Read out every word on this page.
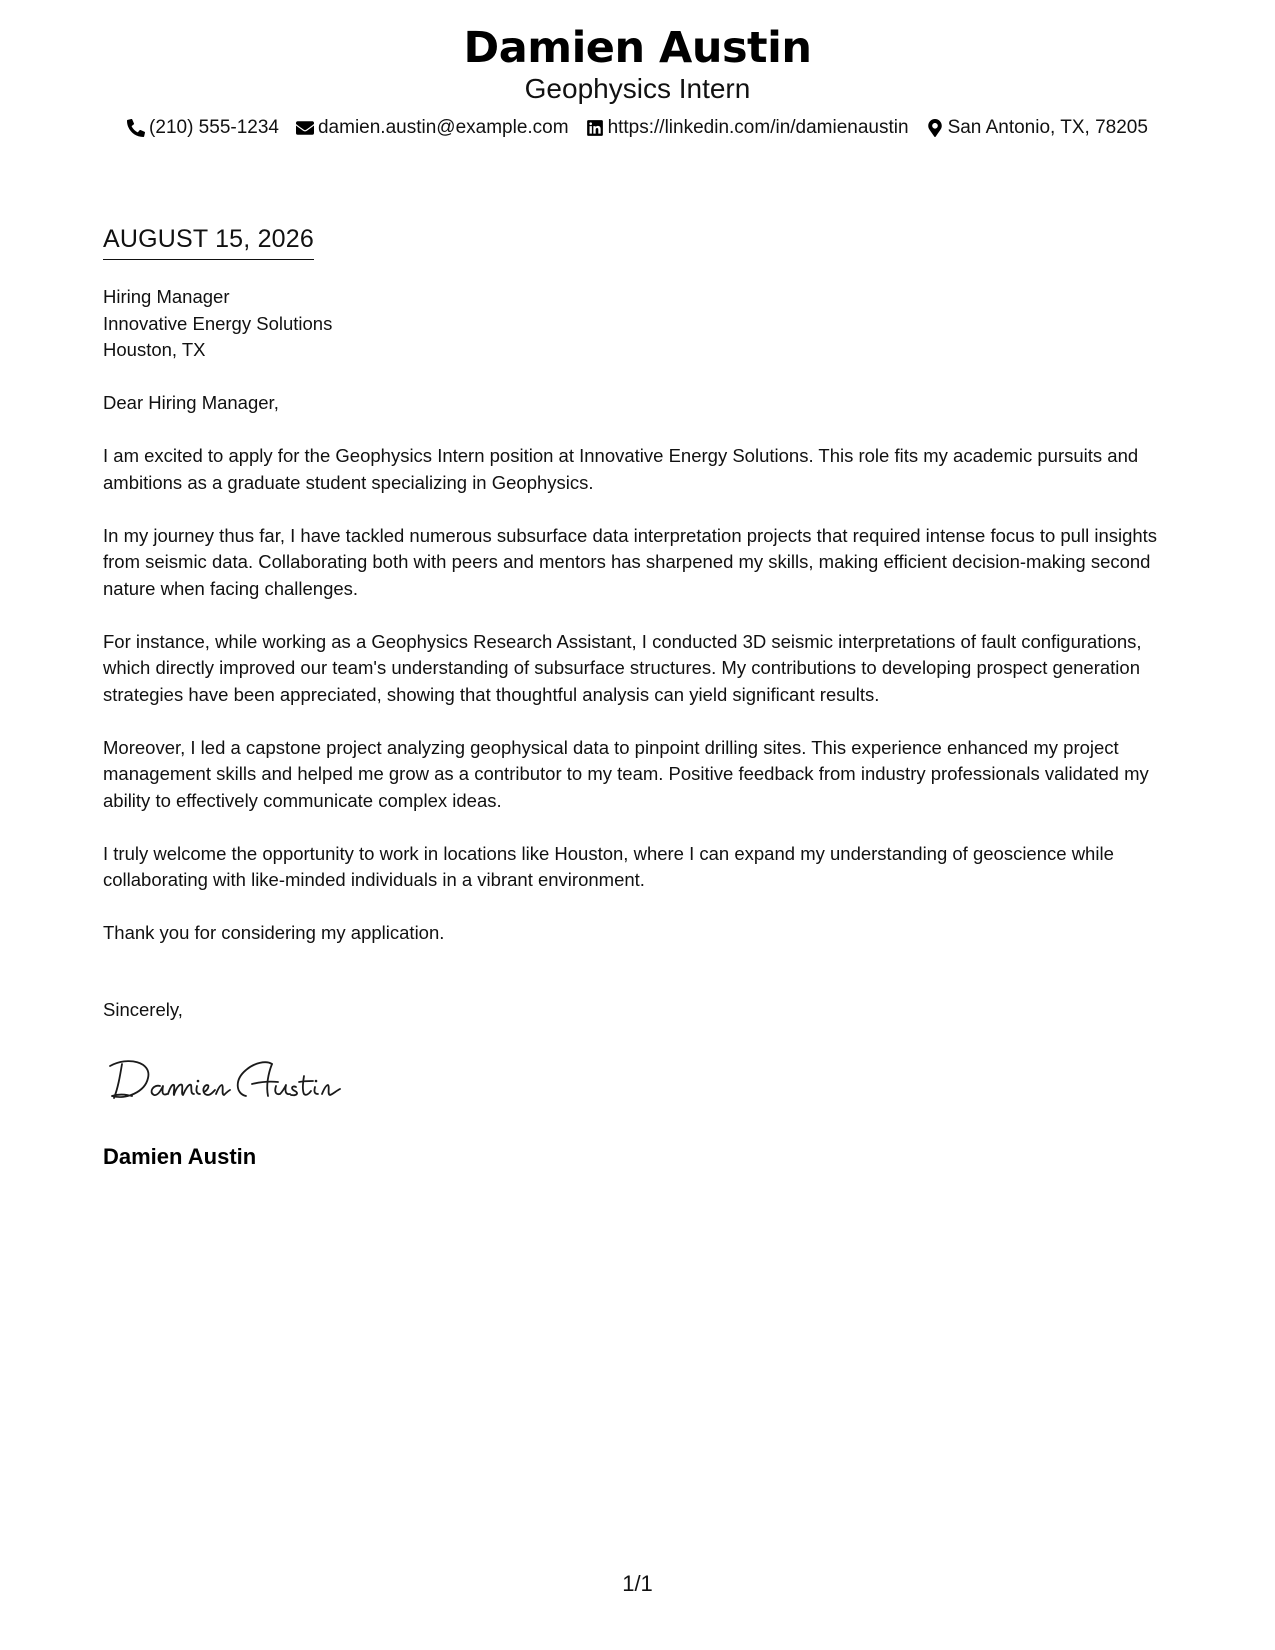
Damien Austin
Geophysics Intern
(210) 555-1234 damien.austin@example.com https://linkedin.com/in/damienaustin San Antonio, TX, 78205
AUGUST 15, 2026
Hiring Manager
Innovative Energy Solutions
Houston, TX

Dear Hiring Manager,

I am excited to apply for the Geophysics Intern position at Innovative Energy Solutions. This role fits my academic pursuits and ambitions as a graduate student specializing in Geophysics.

In my journey thus far, I have tackled numerous subsurface data interpretation projects that required intense focus to pull insights from seismic data. Collaborating both with peers and mentors has sharpened my skills, making efficient decision-making second nature when facing challenges.

For instance, while working as a Geophysics Research Assistant, I conducted 3D seismic interpretations of fault configurations, which directly improved our team's understanding of subsurface structures. My contributions to developing prospect generation strategies have been appreciated, showing that thoughtful analysis can yield significant results.

Moreover, I led a capstone project analyzing geophysical data to pinpoint drilling sites. This experience enhanced my project management skills and helped me grow as a contributor to my team. Positive feedback from industry professionals validated my ability to effectively communicate complex ideas.

I truly welcome the opportunity to work in locations like Houston, where I can expand my understanding of geoscience while collaborating with like-minded individuals in a vibrant environment.

Thank you for considering my application.

Sincerely,
Damien Austin
1/1
